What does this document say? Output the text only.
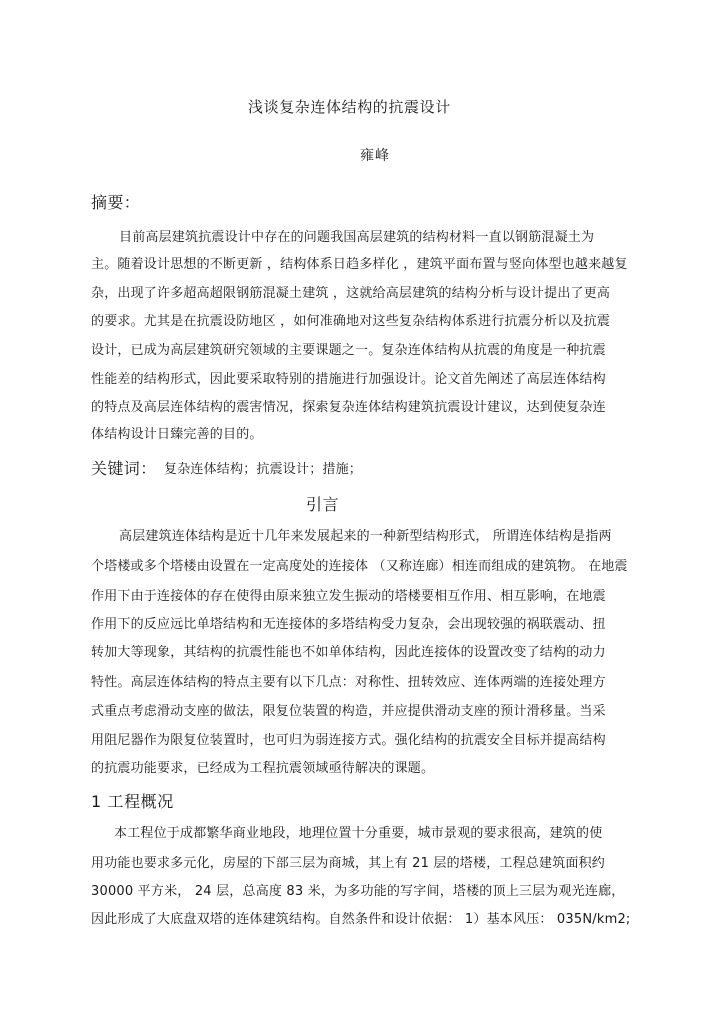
浅谈复杂连体结构的抗震设计
雍峰
摘要：
目前高层建筑抗震设计中存在的问题我国高层建筑的结构材料一直以钢筋混凝土为
主。随着设计思想的不断更新 ，结构体系日趋多样化 ，建筑平面布置与竖向体型也越来越复
杂，出现了许多超高超限钢筋混凝土建筑 ，这就给高层建筑的结构分析与设计提出了更高
的要求。尤其是在抗震设防地区 ，如何准确地对这些复杂结构体系进行抗震分析以及抗震
设计，已成为高层建筑研究领域的主要课题之一。复杂连体结构从抗震的角度是一种抗震
性能差的结构形式，因此要采取特别的措施进行加强设计。论文首先阐述了高层连体结构
的特点及高层连体结构的震害情况，探索复杂连体结构建筑抗震设计建议，达到使复杂连
体结构设计日臻完善的目的。
关键词： 复杂连体结构；抗震设计；措施；
引言
高层建筑连体结构是近十几年来发展起来的一种新型结构形式， 所谓连体结构是指两
个塔楼或多个塔楼由设置在一定高度处的连接体 （又称连廊）相连而组成的建筑物。 在地震
作用下由于连接体的存在使得由原来独立发生振动的塔楼要相互作用、相互影响，在地震
作用下的反应远比单塔结构和无连接体的多塔结构受力复杂，会出现较强的祸联震动、扭
转加大等现象，其结构的抗震性能也不如单体结构，因此连接体的设置改变了结构的动力
特性。高层连体结构的特点主要有以下几点：对称性、扭转效应、连体两端的连接处理方
式重点考虑滑动支座的做法，限复位装置的构造，并应提供滑动支座的预计滑移量。当采
用阻尼器作为限复位装置时，也可归为弱连接方式。强化结构的抗震安全目标并提高结构
的抗震功能要求，已经成为工程抗震领域亟待解决的课题。
1 工程概况
本工程位于成都繁华商业地段，地理位置十分重要，城市景观的要求很高，建筑的使
用功能也要求多元化，房屋的下部三层为商城，其上有 21 层的塔楼，工程总建筑面积约
30000 平方米， 24 层，总高度 83 米，为多功能的写字间，塔楼的顶上三层为观光连廊，
因此形成了大底盘双塔的连体建筑结构。自然条件和设计依据： 1）基本风压： 035N/km2;
